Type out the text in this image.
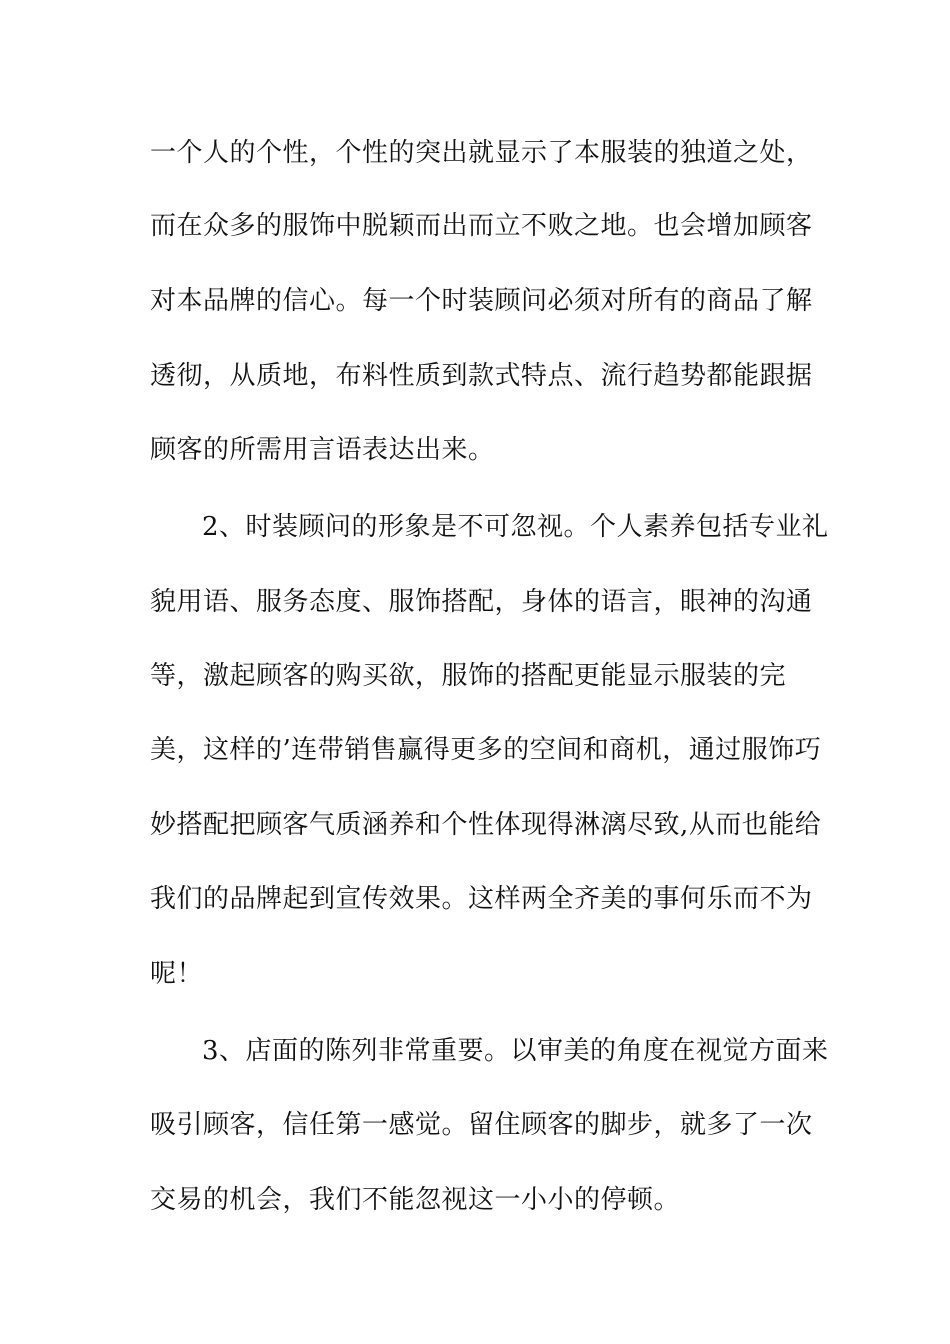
一个人的个性，个性的突出就显示了本服装的独道之处，
而在众多的服饰中脱颖而出而立不败之地。也会增加顾客
对本品牌的信心。每一个时装顾问必须对所有的商品了解
透彻，从质地，布料性质到款式特点、流行趋势都能跟据
顾客的所需用言语表达出来。
2、时装顾问的形象是不可忽视。个人素养包括专业礼
貌用语、服务态度、服饰搭配，身体的语言，眼神的沟通
等，激起顾客的购买欲，服饰的搭配更能显示服装的完
美，这样的’连带销售赢得更多的空间和商机，通过服饰巧
妙搭配把顾客气质涵养和个性体现得淋漓尽致,从而也能给
我们的品牌起到宣传效果。这样两全齐美的事何乐而不为
呢！
3、店面的陈列非常重要。以审美的角度在视觉方面来
吸引顾客，信任第一感觉。留住顾客的脚步，就多了一次
交易的机会，我们不能忽视这一小小的停顿。
